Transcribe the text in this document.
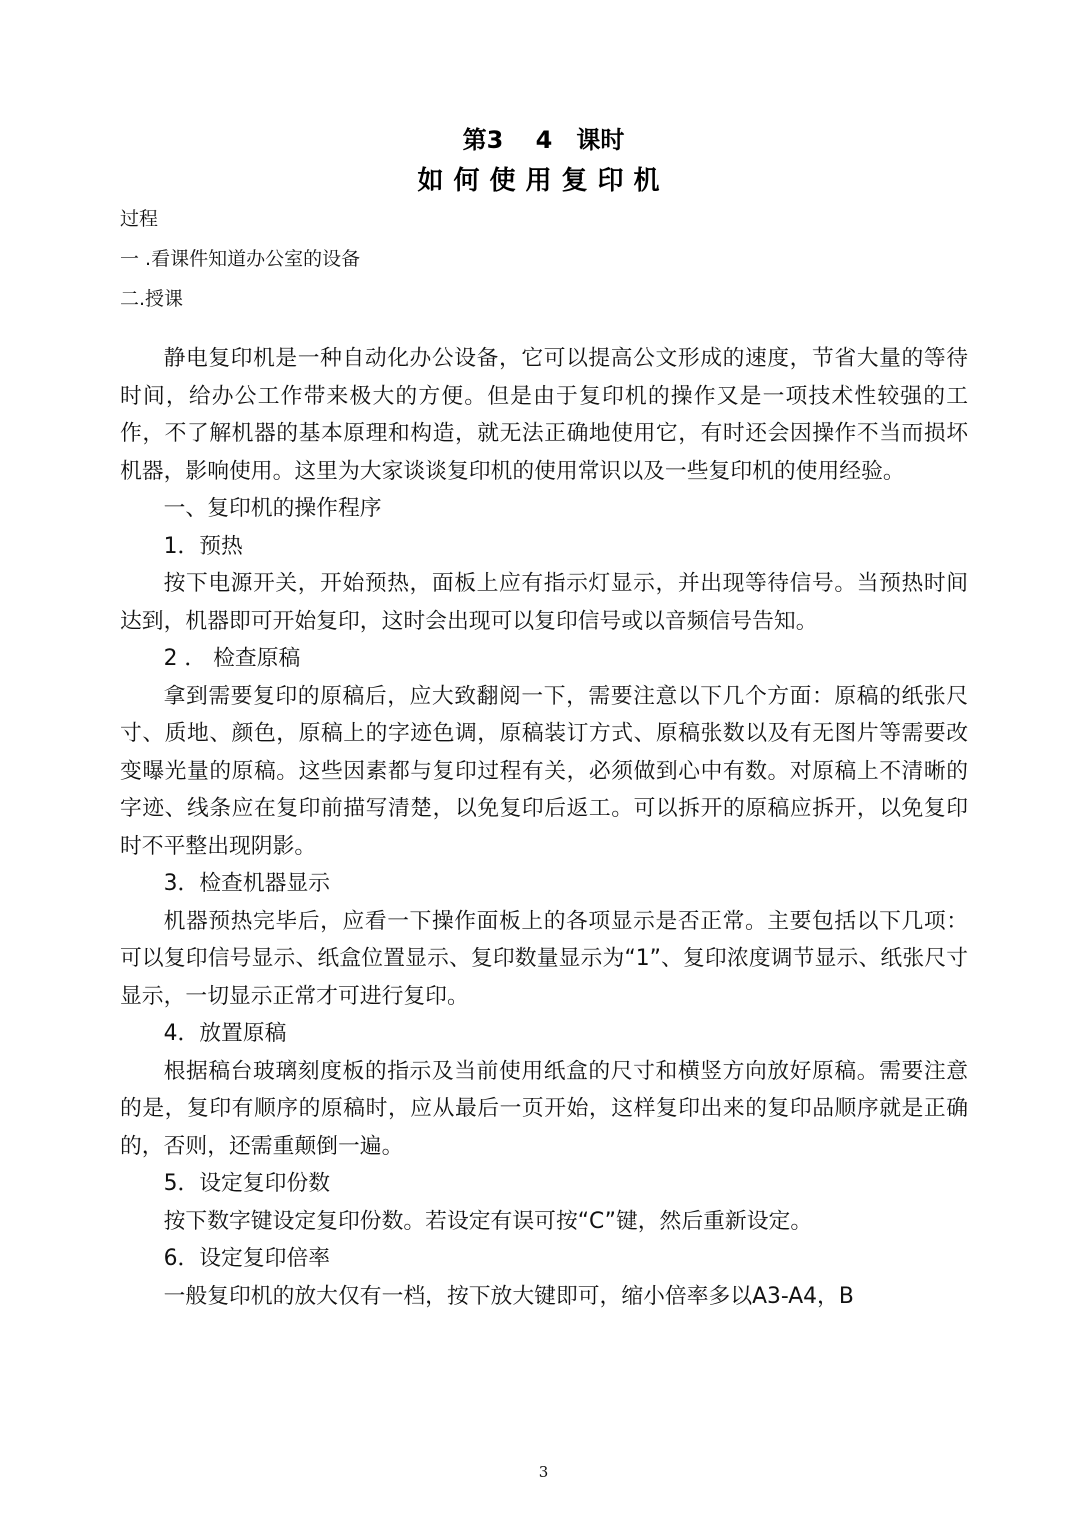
第3　 4　课时
如何使用复印机
过程
一 .看课件知道办公室的设备
二.授课

静电复印机是一种自动化办公设备，它可以提高公文形成的速度，节省大量的等待时间，给办公工作带来极大的方便。但是由于复印机的操作又是一项技术性较强的工作，不了解机器的基本原理和构造，就无法正确地使用它，有时还会因操作不当而损坏机器，影响使用。这里为大家谈谈复印机的使用常识以及一些复印机的使用经验。

一、复印机的操作程序

1．预热

按下电源开关，开始预热，面板上应有指示灯显示，并出现等待信号。当预热时间达到，机器即可开始复印，这时会出现可以复印信号或以音频信号告知。

2 ． 检查原稿

拿到需要复印的原稿后，应大致翻阅一下，需要注意以下几个方面：原稿的纸张尺寸、质地、颜色，原稿上的字迹色调，原稿装订方式、原稿张数以及有无图片等需要改变曝光量的原稿。这些因素都与复印过程有关，必须做到心中有数。对原稿上不清晰的字迹、线条应在复印前描写清楚，以免复印后返工。可以拆开的原稿应拆开，以免复印时不平整出现阴影。

3．检查机器显示

机器预热完毕后，应看一下操作面板上的各项显示是否正常。主要包括以下几项：可以复印信号显示、纸盒位置显示、复印数量显示为“1”、复印浓度调节显示、纸张尺寸显示，一切显示正常才可进行复印。

4．放置原稿

根据稿台玻璃刻度板的指示及当前使用纸盒的尺寸和横竖方向放好原稿。需要注意的是，复印有顺序的原稿时，应从最后一页开始，这样复印出来的复印品顺序就是正确的，否则，还需重颠倒一遍。

5．设定复印份数

按下数字键设定复印份数。若设定有误可按“C”键，然后重新设定。

6．设定复印倍率

一般复印机的放大仅有一档，按下放大键即可，缩小倍率多以A3-A4，B

3
